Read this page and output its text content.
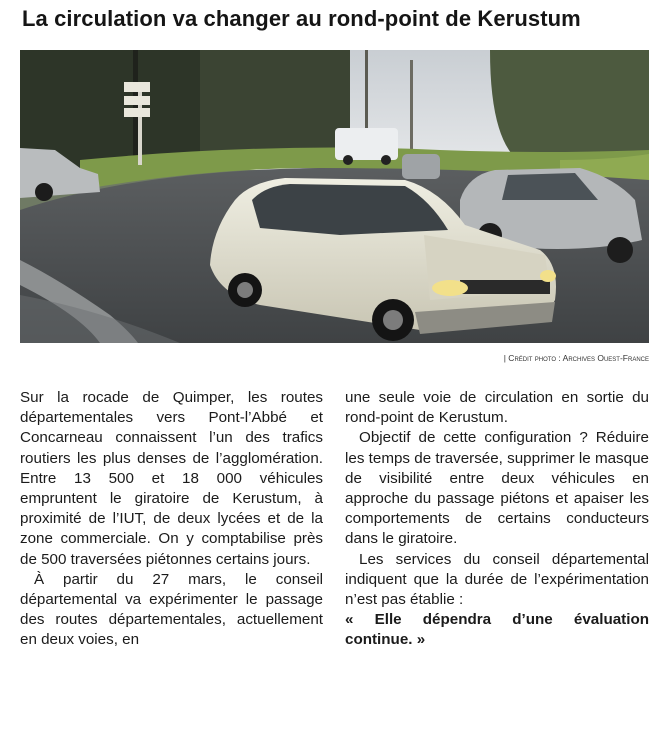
La circulation va changer au rond-point de Kerustum
| Crédit photo : Archives Ouest-France

Sur la rocade de Quimper, les routes départementales vers Pont-l’Abbé et Concarneau connaissent l’un des trafics routiers les plus denses de l’agglomération. Entre 13 500 et 18 000 véhicules empruntent le giratoire de Kerustum, à proximité de l’IUT, de deux lycées et de la zone commerciale. On y comptabilise près de 500 traversées piétonnes certains jours.

À partir du 27 mars, le conseil départemental va expérimenter le passage des routes départementales, actuellement en deux voies, en

une seule voie de circulation en sortie du rond-point de Kerustum.

Objectif de cette configuration ? Réduire les temps de traversée, supprimer le masque de visibilité entre deux véhicules en approche du passage piétons et apaiser les comportements de certains conducteurs dans le giratoire.

Les services du conseil départemental indiquent que la durée de l’expérimentation n’est pas établie :

« Elle dépendra d’une évaluation continue. »
